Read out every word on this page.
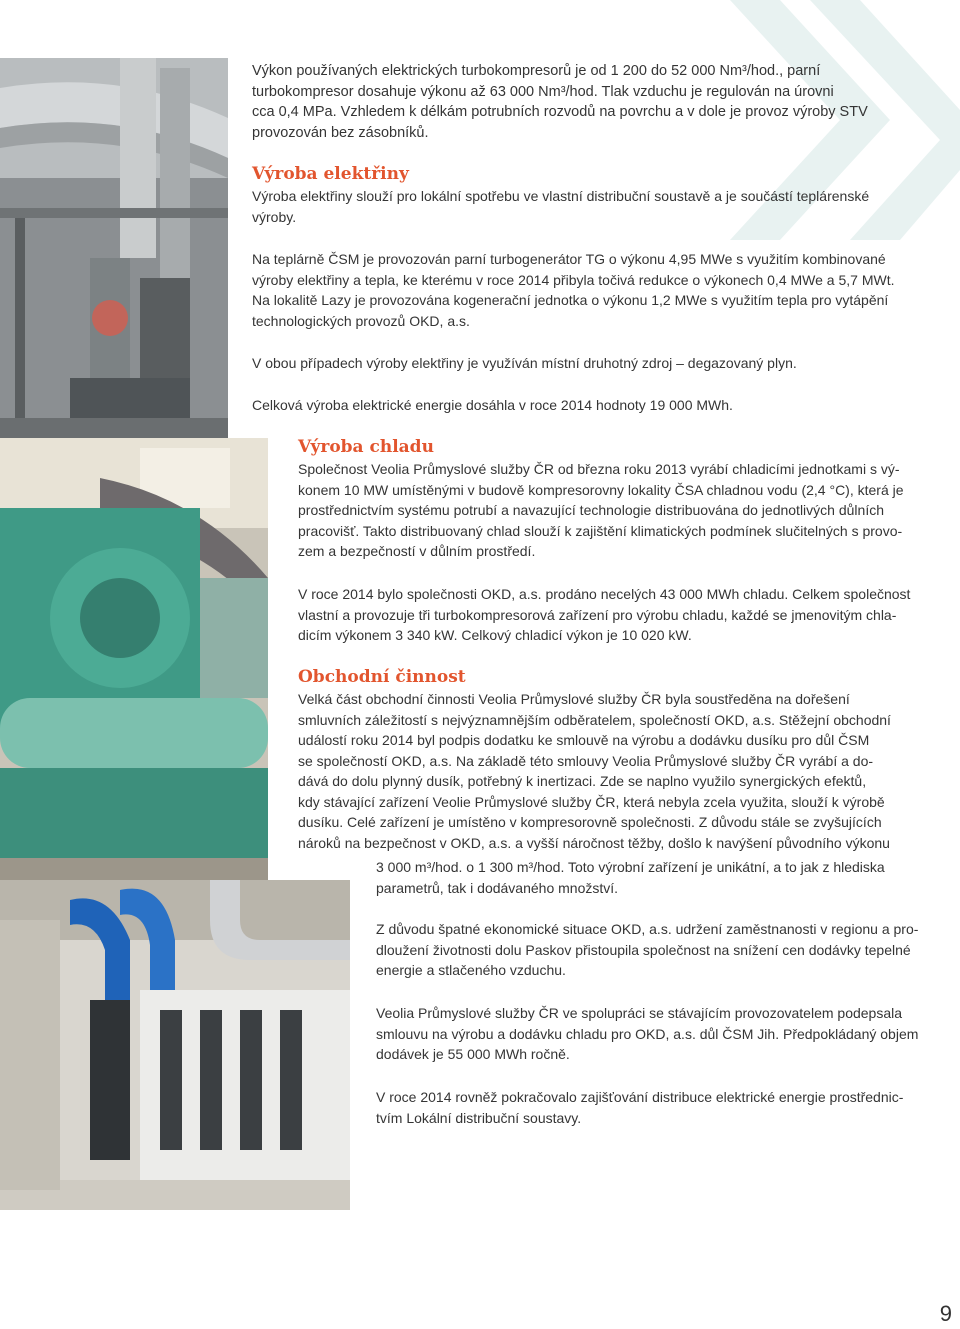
Výkon používaných elektrických turbokompresorů je od 1 200 do 52 000 Nm³/hod., parní

turbokompresor dosahuje výkonu až 63 000 Nm³/hod. Tlak vzduchu je regulován na úrovni

cca 0,4 MPa. Vzhledem k délkám potrubních rozvodů na povrchu a v dole je provoz výroby STV

provozován bez zásobníků.

Výroba elektřiny

Výroba elektřiny slouží pro lokální spotřebu ve vlastní distribuční soustavě a je součástí teplárenské

výroby.

Na teplárně ČSM je provozován parní turbogenerátor TG o výkonu 4,95 MWe s využitím kombinované

výroby elektřiny a tepla, ke kterému v roce 2014 přibyla točivá redukce o výkonech 0,4 MWe a 5,7 MWt.

Na lokalitě Lazy je provozována kogenerační jednotka o výkonu 1,2 MWe s využitím tepla pro vytápění

technologických provozů OKD, a.s.

V obou případech výroby elektřiny je využíván místní druhotný zdroj – degazovaný plyn.

Celková výroba elektrické energie dosáhla v roce 2014 hodnoty 19 000 MWh.

Výroba chladu

Společnost Veolia Průmyslové služby ČR od března roku 2013 vyrábí chladicími jednotkami s vý-

konem 10 MW umístěnými v budově kompresorovny lokality ČSA chladnou vodu (2,4 °C), která je

prostřednictvím systému potrubí a navazující technologie distribuována do jednotlivých důlních

pracovišť. Takto distribuovaný chlad slouží k zajištění klimatických podmínek slučitelných s provo-

zem a bezpečností v důlním prostředí.

V roce 2014 bylo společnosti OKD, a.s. prodáno necelých 43 000 MWh chladu. Celkem společnost

vlastní a provozuje tři turbokompresorová zařízení pro výrobu chladu, každé se jmenovitým chla-

dicím výkonem 3 340 kW. Celkový chladicí výkon je 10 020 kW.

Obchodní činnost

Velká část obchodní činnosti Veolia Průmyslové služby ČR byla soustředěna na dořešení

smluvních záležitostí s nejvýznamnějším odběratelem, společností OKD, a.s. Stěžejní obchodní

událostí roku 2014 byl podpis dodatku ke smlouvě na výrobu a dodávku dusíku pro důl ČSM

se společností OKD, a.s. Na základě této smlouvy Veolia Průmyslové služby ČR vyrábí a do-

dává do dolu plynný dusík, potřebný k inertizaci. Zde se naplno využilo synergických efektů,

kdy stávající zařízení Veolie Průmyslové služby ČR, která nebyla zcela využita, slouží k výrobě

dusíku. Celé zařízení je umístěno v kompresorovně společnosti. Z důvodu stále se zvyšujících

nároků na bezpečnost v OKD, a.s. a vyšší náročnost těžby, došlo k navýšení původního výkonu

3 000 m³/hod. o 1 300 m³/hod. Toto výrobní zařízení je unikátní, a to jak z hlediska

parametrů, tak i dodávaného množství.

Z důvodu špatné ekonomické situace OKD, a.s. udržení zaměstnanosti v regionu a pro-

dloužení životnosti dolu Paskov přistoupila společnost na snížení cen dodávky tepelné

energie a stlačeného vzduchu.

Veolia Průmyslové služby ČR ve spolupráci se stávajícím provozovatelem podepsala

smlouvu na výrobu a dodávku chladu pro OKD, a.s. důl ČSM Jih. Předpokládaný objem

dodávek je 55 000 MWh ročně.

V roce 2014 rovněž pokračovalo zajišťování distribuce elektrické energie prostřednic-

tvím Lokální distribuční soustavy.

9
